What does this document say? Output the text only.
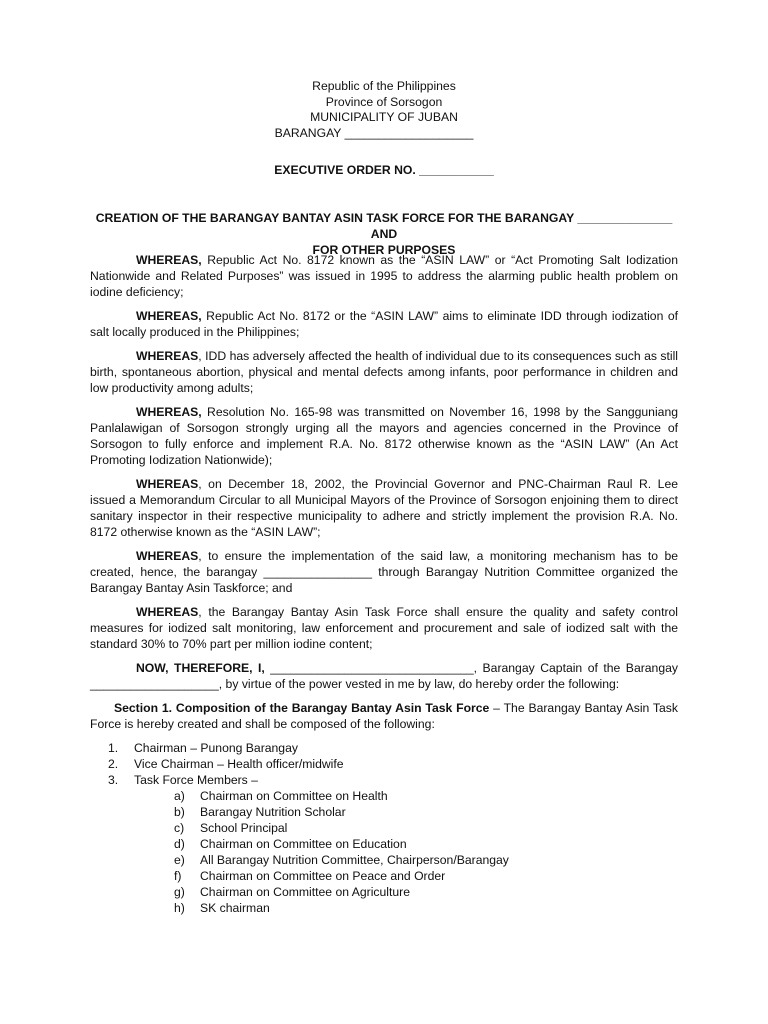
Republic of the Philippines
Province of Sorsogon
MUNICIPALITY OF JUBAN
BARANGAY ___________________
EXECUTIVE ORDER NO. ___________
CREATION OF THE BARANGAY BANTAY ASIN TASK FORCE FOR THE BARANGAY ______________ AND
FOR OTHER PURPOSES

WHEREAS, Republic Act No. 8172 known as the “ASIN LAW” or “Act Promoting Salt Iodization Nationwide and Related Purposes” was issued in 1995 to address the alarming public health problem on iodine deficiency;

WHEREAS, Republic Act No. 8172 or the “ASIN LAW” aims to eliminate IDD through iodization of salt locally produced in the Philippines;

WHEREAS, IDD has adversely affected the health of individual due to its consequences such as still birth, spontaneous abortion, physical and mental defects among infants, poor performance in children and low productivity among adults;

WHEREAS, Resolution No. 165-98 was transmitted on November 16, 1998 by the Sangguniang Panlalawigan of Sorsogon strongly urging all the mayors and agencies concerned in the Province of Sorsogon to fully enforce and implement R.A. No. 8172 otherwise known as the “ASIN LAW” (An Act Promoting Iodization Nationwide);

WHEREAS, on December 18, 2002, the Provincial Governor and PNC-Chairman Raul R. Lee issued a Memorandum Circular to all Municipal Mayors of the Province of Sorsogon enjoining them to direct sanitary inspector in their respective municipality to adhere and strictly implement the provision R.A. No. 8172 otherwise known as the “ASIN LAW”;

WHEREAS, to ensure the implementation of the said law, a monitoring mechanism has to be created, hence, the barangay ________________ through Barangay Nutrition Committee organized the Barangay Bantay Asin Taskforce; and

WHEREAS, the Barangay Bantay Asin Task Force shall ensure the quality and safety control measures for iodized salt monitoring, law enforcement and procurement and sale of iodized salt with the standard 30% to 70% part per million iodine content;

NOW, THEREFORE, I, ______________________________, Barangay Captain of the Barangay ___________________, by virtue of the power vested in me by law, do hereby order the following:

Section 1. Composition of the Barangay Bantay Asin Task Force – The Barangay Bantay Asin Task Force is hereby created and shall be composed of the following:

1. Chairman – Punong Barangay
2. Vice Chairman – Health officer/midwife
3. Task Force Members –
a) Chairman on Committee on Health
b) Barangay Nutrition Scholar
c) School Principal
d) Chairman on Committee on Education
e) All Barangay Nutrition Committee, Chairperson/Barangay
f) Chairman on Committee on Peace and Order
g) Chairman on Committee on Agriculture
h) SK chairman
